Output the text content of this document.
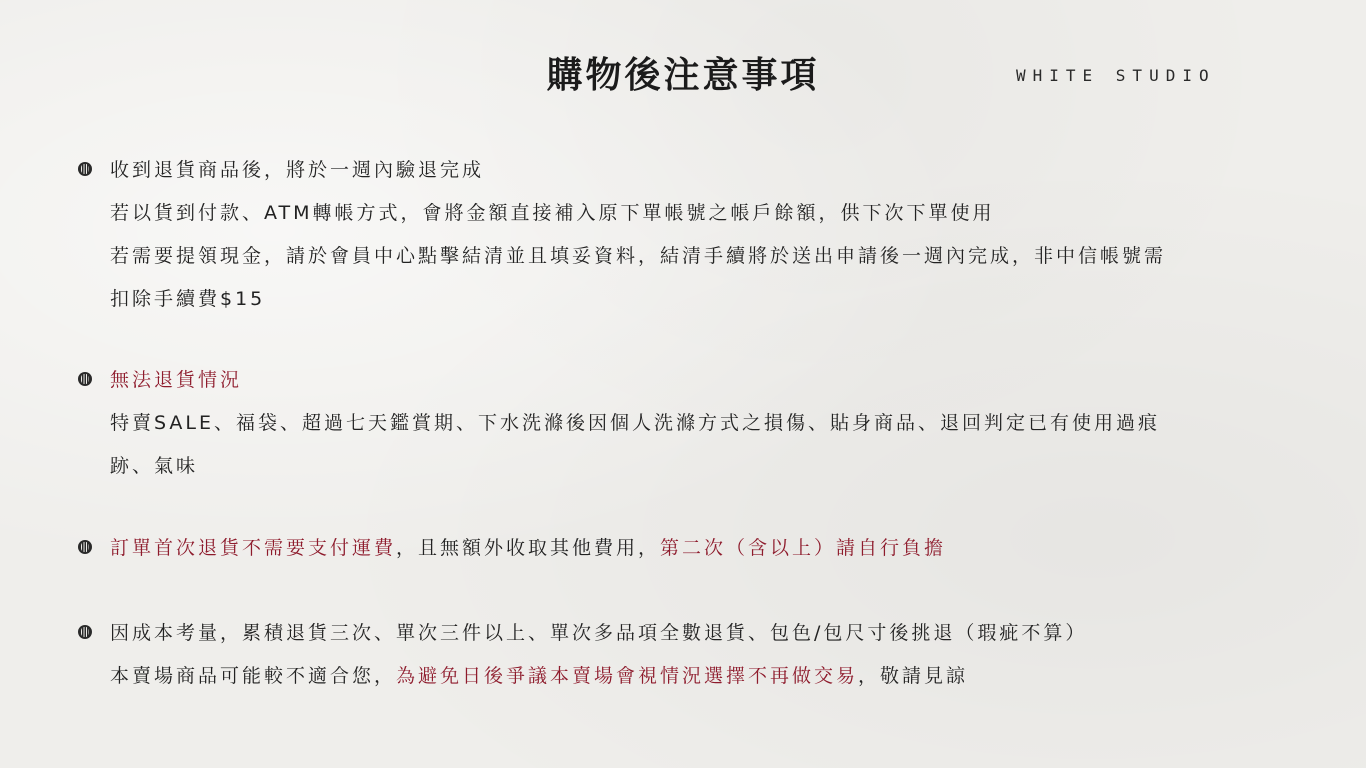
購物後注意事項	WHITE STUDIO
收到退貨商品後，將於一週內驗退完成
若以貨到付款、ATM轉帳方式，會將金額直接補入原下單帳號之帳戶餘額，供下次下單使用
若需要提領現金，請於會員中心點擊結清並且填妥資料，結清手續將於送出申請後一週內完成，非中信帳號需
扣除手續費$15
無法退貨情況
特賣SALE、福袋、超過七天鑑賞期、下水洗滌後因個人洗滌方式之損傷、貼身商品、退回判定已有使用過痕
跡、氣味
訂單首次退貨不需要支付運費，且無額外收取其他費用，第二次（含以上）請自行負擔
因成本考量，累積退貨三次、單次三件以上、單次多品項全數退貨、包色/包尺寸後挑退（瑕疵不算）
本賣場商品可能較不適合您，為避免日後爭議本賣場會視情況選擇不再做交易，敬請見諒
